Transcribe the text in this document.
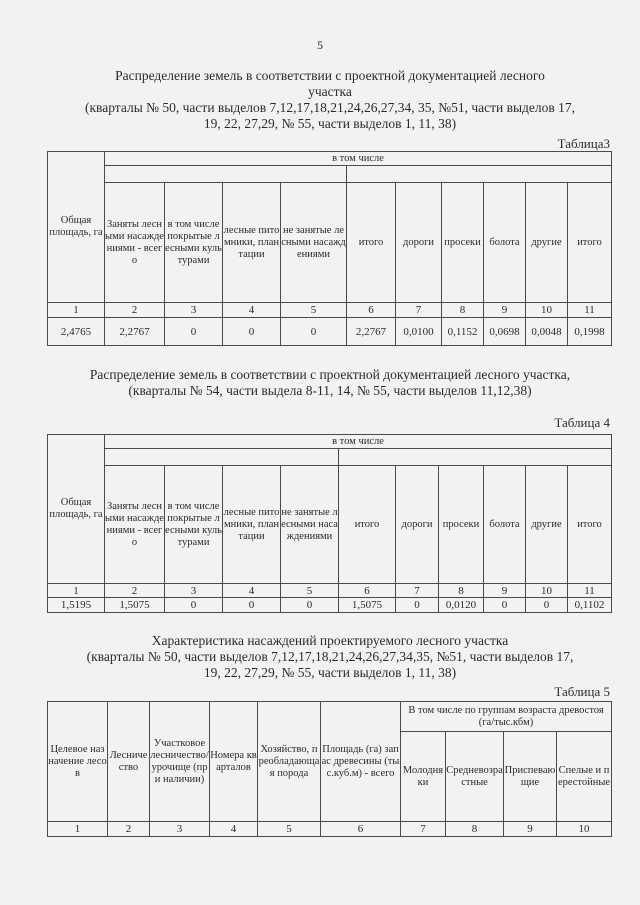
5
Распределение земель в соответствии с проектной документацией лесного
участка
(кварталы № 50, части выделов 7,12,17,18,21,24,26,27,34, 35, №51, части выделов 17,
19, 22, 27,29, № 55, части выделов 1, 11, 38)
Таблица3
Общая площадь, га	в том числе									

	Заняты лесными насаждениями - всего	в том числе покрытые лесными культурами	лесные питомники, плантации	не занятые лесными насаждениями	итого	дороги	просеки	болота	другие	итого
1	2	3	4	5	6	7	8	9	10	11
2,4765	2,2767	0	0	0	2,2767	0,0100	0,1152	0,0698	0,0048	0,1998
Распределение земель в соответствии с проектной документацией лесного участка,
(кварталы № 54, части выдела 8-11, 14, № 55, части выделов 11,12,38)
Таблица 4
Общая площадь, га	в том числе									

	Заняты лесными насаждениями - всего	в том числе покрытые лесными культурами	лесные питомники, плантации	не занятые лесными насаждениями	итого	дороги	просеки	болота	другие	итого
1	2	3	4	5	6	7	8	9	10	11
1,5195	1,5075	0	0	0	1,5075	0	0,0120	0	0	0,1102
Характеристика насаждений проектируемого лесного участка
(кварталы № 50, части выделов 7,12,17,18,21,24,26,27,34,35, №51, части выделов 17,
19, 22, 27,29, № 55, части выделов 1, 11, 38)
Таблица 5
Целевое назначение лесов	Лесничество	Участковое лесничество/урочище (при наличии)	Номера кварталов	Хозяйство, преобладающая порода	Площадь (га) запас древесины (тыс.куб.м) - всего	В том числе по группам возраста древостоя (га/тыс.кбм)			
						Молодняки	Средневозрастные	Приспевающие	Спелые и перестойные
1	2	3	4	5	6	7	8	9	10
